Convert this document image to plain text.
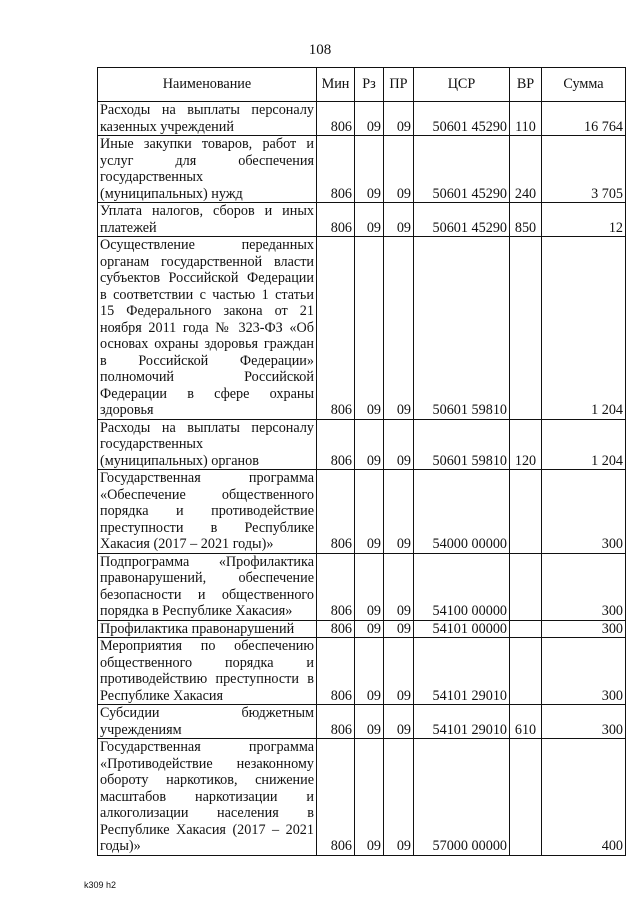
108
Наименование	Мин	Рз	ПР	ЦСР	ВР	Сумма
Расходы на выплаты персоналу казенных учреждений	806	09	09	50601 45290	110	16 764
Иные закупки товаров, работ и услуг для обеспечения государственных (муниципальных) нужд	806	09	09	50601 45290	240	3 705
Уплата налогов, сборов и иных платежей	806	09	09	50601 45290	850	12
Осуществление переданных органам государственной власти субъектов Российской Федерации в соответствии с частью 1 статьи 15 Федерального закона от 21 ноября 2011 года № 323-ФЗ «Об основах охраны здоровья граждан в Российской Федерации» полномочий Российской Федерации в сфере охраны здоровья	806	09	09	50601 59810		1 204
Расходы на выплаты персоналу государственных (муниципальных) органов	806	09	09	50601 59810	120	1 204
Государственная программа «Обеспечение общественного порядка и противодействие преступности в Республике Хакасия (2017 – 2021 годы)»	806	09	09	54000 00000		300
Подпрограмма «Профилактика правонарушений, обеспечение безопасности и общественного порядка в Республике Хакасия»	806	09	09	54100 00000		300
Профилактика правонарушений	806	09	09	54101 00000		300
Мероприятия по обеспечению общественного порядка и противодействию преступности в Республике Хакасия	806	09	09	54101 29010		300
Субсидии бюджетным учреждениям	806	09	09	54101 29010	610	300
Государственная программа «Противодействие незаконному обороту наркотиков, снижение масштабов наркотизации и алкоголизации населения в Республике Хакасия (2017 – 2021 годы)»	806	09	09	57000 00000		400
k309 h2
